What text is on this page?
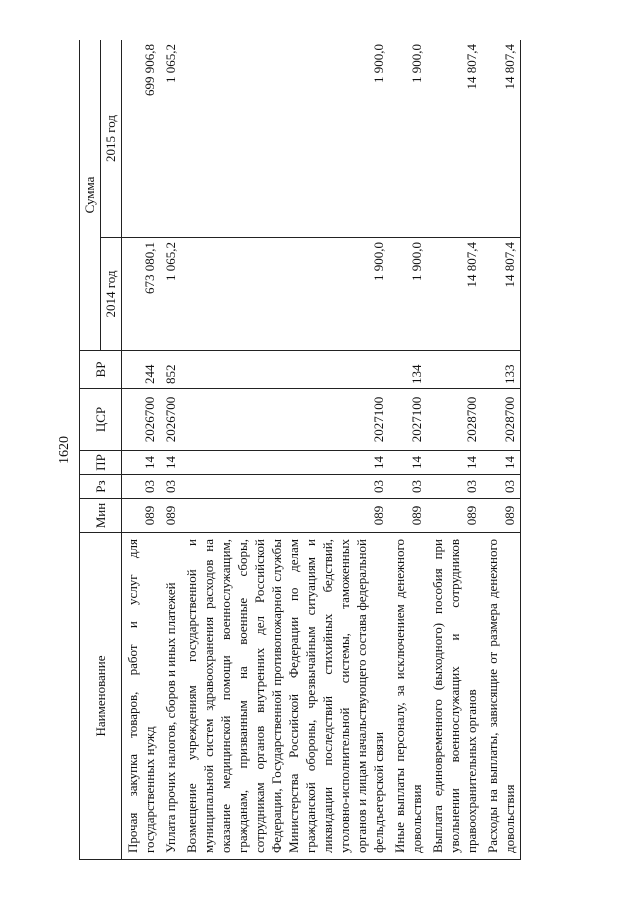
1620
Наименование	Мин	Рз	ПР	ЦСР	ВР	Сумма	
						2014 год	2015 год
Прочая закупка товаров, работ и услуг для государственных нужд	089	03	14	2026700	244	673 080,1	699 906,8
Уплата прочих налогов, сборов и иных платежей	089	03	14	2026700	852	1 065,2	1 065,2
Возмещение учреждениям государственной и муниципальной систем здравоохранения расходов на оказание медицинской помощи военнослужащим, гражданам, призванным на военные сборы, сотрудникам органов внутренних дел Российской Федерации, Государственной противопожарной службы Министерства Российской Федерации по делам гражданской обороны, чрезвычайным ситуациям и ликвидации последствий стихийных бедствий, уголовно-исполнительной системы, таможенных органов и лицам начальствующего состава федеральной фельдъегерской связи	089	03	14	2027100		1 900,0	1 900,0
Иные выплаты персоналу, за исключением денежного довольствия	089	03	14	2027100	134	1 900,0	1 900,0
Выплата единовременного (выходного) пособия при увольнении военнослужащих и сотрудников правоохранительных органов	089	03	14	2028700		14 807,4	14 807,4
Расходы на выплаты, зависящие от размера денежного довольствия	089	03	14	2028700	133	14 807,4	14 807,4
